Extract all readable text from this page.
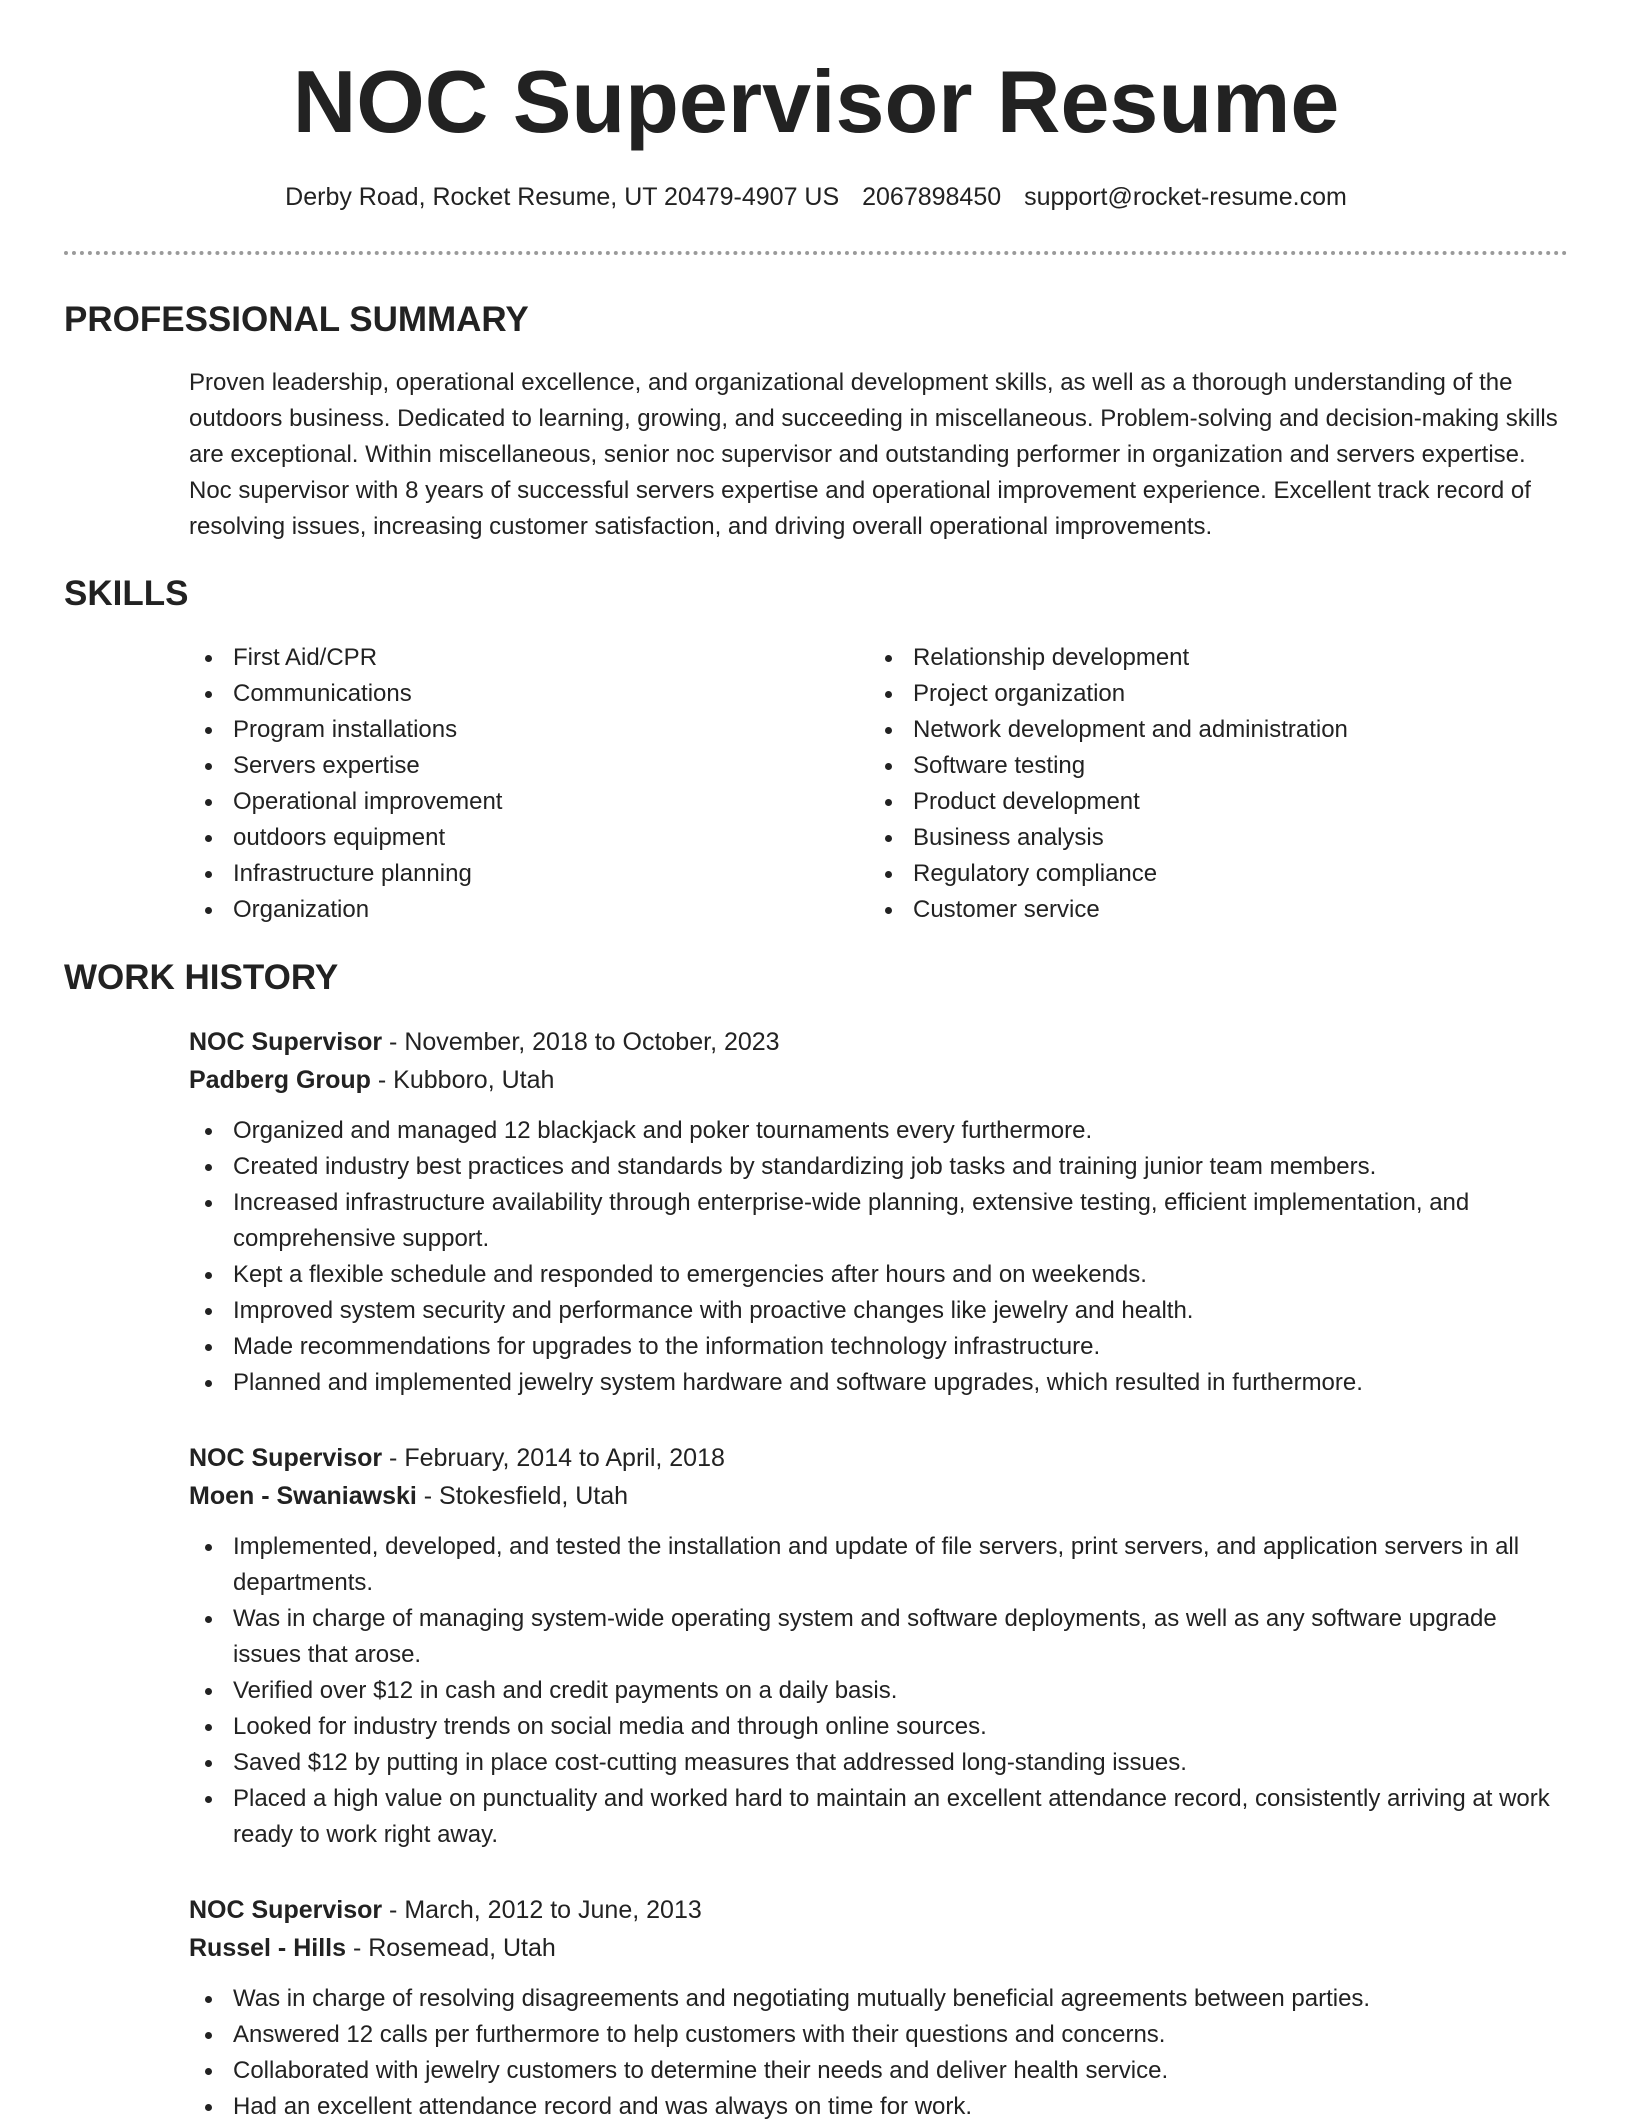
NOC Supervisor Resume
Derby Road, Rocket Resume, UT 20479-4907 US 2067898450 support@rocket-resume.com
PROFESSIONAL SUMMARY

Proven leadership, operational excellence, and organizational development skills, as well as a thorough understanding of the outdoors business. Dedicated to learning, growing, and succeeding in miscellaneous. Problem-solving and decision-making skills are exceptional. Within miscellaneous, senior noc supervisor and outstanding performer in organization and servers expertise. Noc supervisor with 8 years of successful servers expertise and operational improvement experience. Excellent track record of resolving issues, increasing customer satisfaction, and driving overall operational improvements.

SKILLS
First Aid/CPR
Communications
Program installations
Servers expertise
Operational improvement
outdoors equipment
Infrastructure planning
Organization
Relationship development
Project organization
Network development and administration
Software testing
Product development
Business analysis
Regulatory compliance
Customer service
WORK HISTORY
NOC Supervisor - November, 2018 to October, 2023
Padberg Group - Kubboro, Utah
Organized and managed 12 blackjack and poker tournaments every furthermore.
Created industry best practices and standards by standardizing job tasks and training junior team members.
Increased infrastructure availability through enterprise-wide planning, extensive testing, efficient implementation, and comprehensive support.
Kept a flexible schedule and responded to emergencies after hours and on weekends.
Improved system security and performance with proactive changes like jewelry and health.
Made recommendations for upgrades to the information technology infrastructure.
Planned and implemented jewelry system hardware and software upgrades, which resulted in furthermore.
NOC Supervisor - February, 2014 to April, 2018
Moen - Swaniawski - Stokesfield, Utah
Implemented, developed, and tested the installation and update of file servers, print servers, and application servers in all departments.
Was in charge of managing system-wide operating system and software deployments, as well as any software upgrade issues that arose.
Verified over $12 in cash and credit payments on a daily basis.
Looked for industry trends on social media and through online sources.
Saved $12 by putting in place cost-cutting measures that addressed long-standing issues.
Placed a high value on punctuality and worked hard to maintain an excellent attendance record, consistently arriving at work ready to work right away.
NOC Supervisor - March, 2012 to June, 2013
Russel - Hills - Rosemead, Utah
Was in charge of resolving disagreements and negotiating mutually beneficial agreements between parties.
Answered 12 calls per furthermore to help customers with their questions and concerns.
Collaborated with jewelry customers to determine their needs and deliver health service.
Had an excellent attendance record and was always on time for work.
